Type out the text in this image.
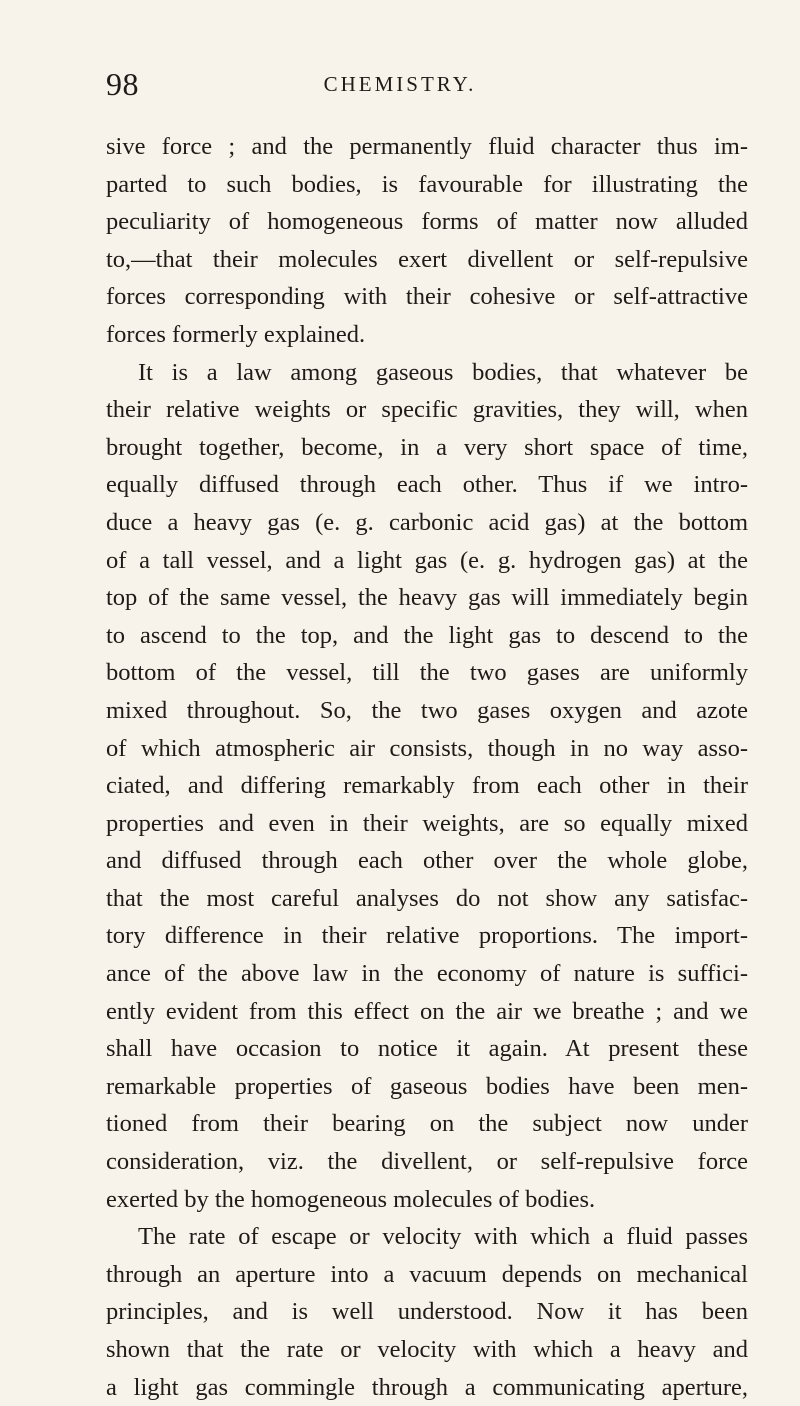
98	CHEMISTRY.
sive force ; and the permanently fluid character thus im-
parted to such bodies, is favourable for illustrating the
peculiarity of homogeneous forms of matter now alluded
to,—that their molecules exert divellent or self-repulsive
forces corresponding with their cohesive or self-attractive
forces formerly explained.
It is a law among gaseous bodies, that whatever be
their relative weights or specific gravities, they will, when
brought together, become, in a very short space of time,
equally diffused through each other. Thus if we intro-
duce a heavy gas (e. g. carbonic acid gas) at the bottom
of a tall vessel, and a light gas (e. g. hydrogen gas) at the
top of the same vessel, the heavy gas will immediately begin
to ascend to the top, and the light gas to descend to the
bottom of the vessel, till the two gases are uniformly
mixed throughout. So, the two gases oxygen and azote
of which atmospheric air consists, though in no way asso-
ciated, and differing remarkably from each other in their
properties and even in their weights, are so equally mixed
and diffused through each other over the whole globe,
that the most careful analyses do not show any satisfac-
tory difference in their relative proportions. The import-
ance of the above law in the economy of nature is suffici-
ently evident from this effect on the air we breathe ; and we
shall have occasion to notice it again. At present these
remarkable properties of gaseous bodies have been men-
tioned from their bearing on the subject now under
consideration, viz. the divellent, or self-repulsive force
exerted by the homogeneous molecules of bodies.
The rate of escape or velocity with which a fluid passes
through an aperture into a vacuum depends on mechanical
principles, and is well understood. Now it has been
shown that the rate or velocity with which a heavy and
a light gas commingle through a communicating aperture,
